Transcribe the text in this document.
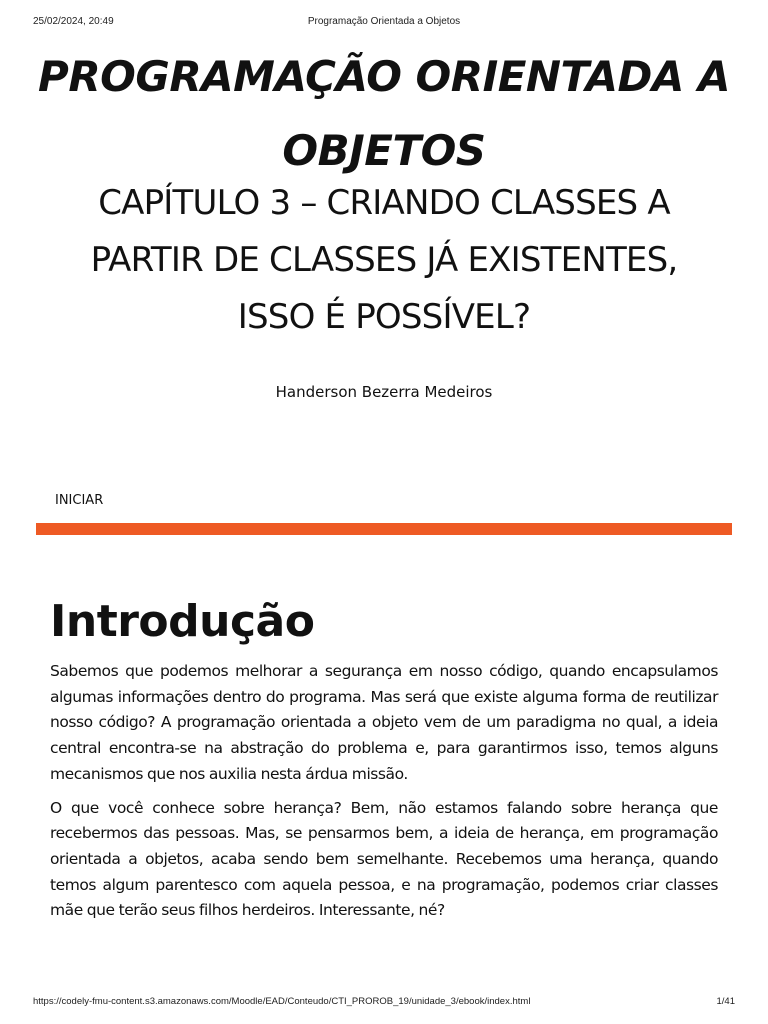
25/02/2024, 20:49	Programação Orientada a Objetos
PROGRAMAÇÃO ORIENTADA A
OBJETOS
CAPÍTULO 3 – CRIANDO CLASSES A
PARTIR DE CLASSES JÁ EXISTENTES,
ISSO É POSSÍVEL?
Handerson Bezerra Medeiros
INICIAR
Introdução

Sabemos que podemos melhorar a segurança em nosso código, quando encapsulamos algumas informações dentro do programa. Mas será que existe alguma forma de reutilizar nosso código? A programação orientada a objeto vem de um paradigma no qual, a ideia central encontra-se na abstração do problema e, para garantirmos isso, temos alguns mecanismos que nos auxilia nesta árdua missão.

O que você conhece sobre herança? Bem, não estamos falando sobre herança que recebermos das pessoas. Mas, se pensarmos bem, a ideia de herança, em programação orientada a objetos, acaba sendo bem semelhante. Recebemos uma herança, quando temos algum parentesco com aquela pessoa, e na programação, podemos criar classes mãe que terão seus filhos herdeiros. Interessante, né?

https://codely-fmu-content.s3.amazonaws.com/Moodle/EAD/Conteudo/CTI_PROROB_19/unidade_3/ebook/index.html	1/41
